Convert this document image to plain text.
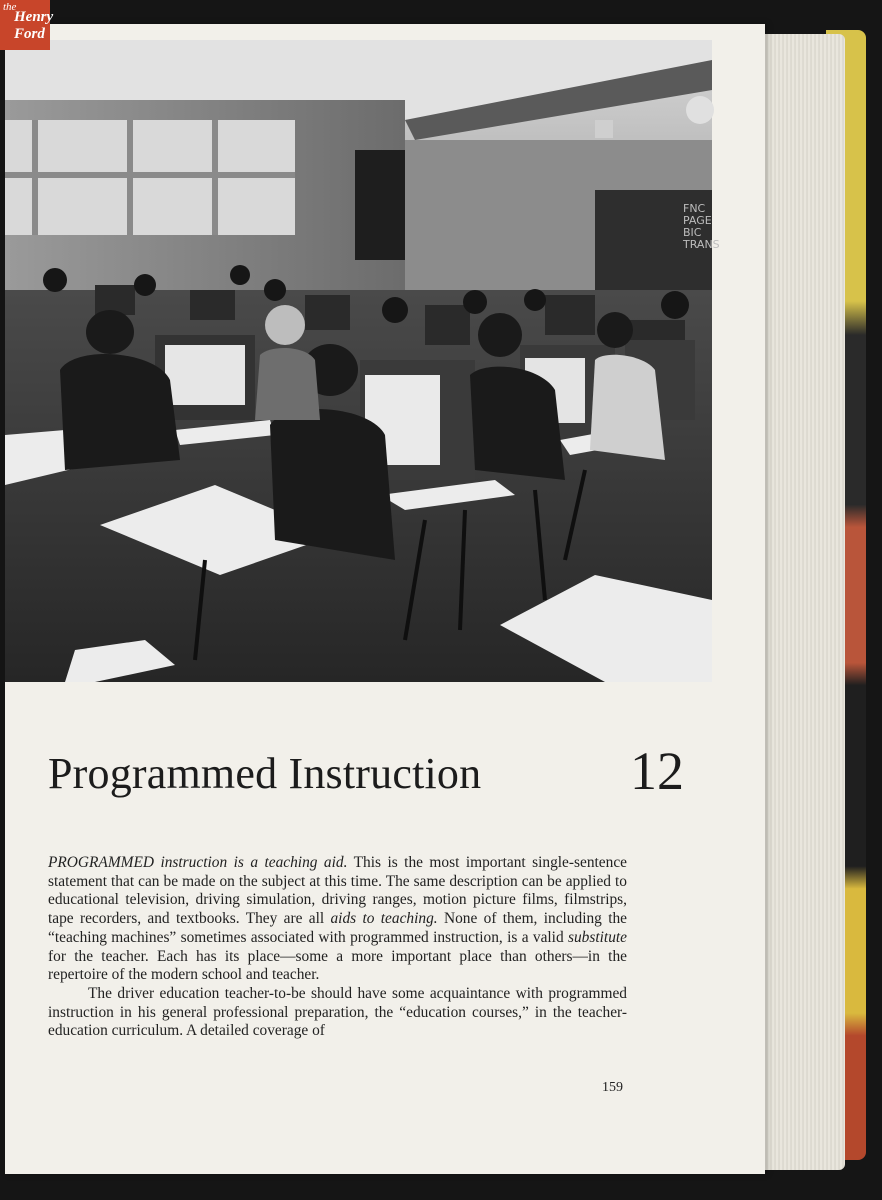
the
Henry
Ford
FNC
PAGE
BIC
TRANS
Programmed Instruction	12

PROGRAMMED instruction is a teaching aid. This is the most important single-sentence statement that can be made on the subject at this time. The same description can be applied to educational television, driving simulation, driving ranges, motion picture films, filmstrips, tape recorders, and textbooks. They are all aids to teaching. None of them, including the “teaching machines” sometimes associated with programmed instruction, is a valid substitute for the teacher. Each has its place—some a more important place than others—in the repertoire of the modern school and teacher.

The driver education teacher-to-be should have some acquaintance with programmed instruction in his general professional preparation, the “education courses,” in the teacher-education curriculum. A detailed coverage of

159
